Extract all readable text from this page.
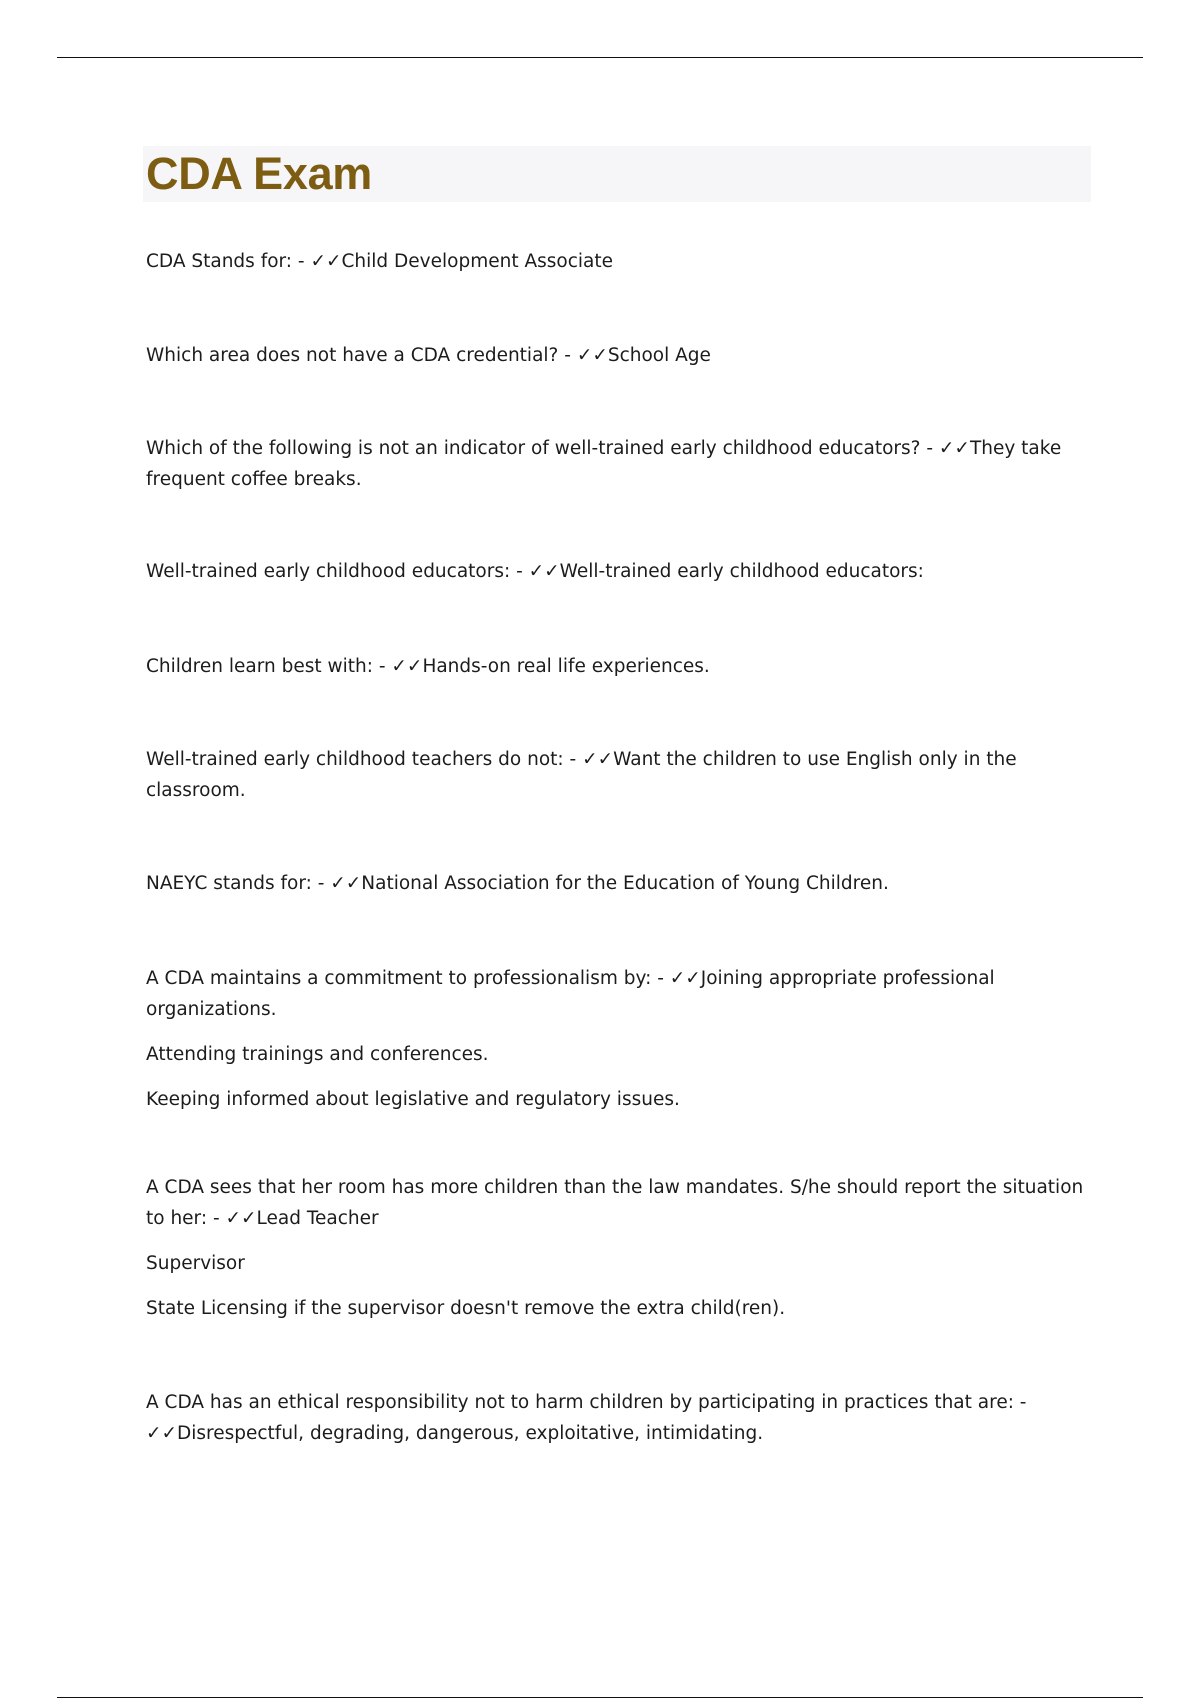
CDA Exam

CDA Stands for: - ✓✓Child Development Associate

Which area does not have a CDA credential? - ✓✓School Age

Which of the following is not an indicator of well-trained early childhood educators? - ✓✓They take frequent coffee breaks.

Well-trained early childhood educators: - ✓✓Well-trained early childhood educators:

Children learn best with: - ✓✓Hands-on real life experiences.

Well-trained early childhood teachers do not: - ✓✓Want the children to use English only in the classroom.

NAEYC stands for: - ✓✓National Association for the Education of Young Children.

A CDA maintains a commitment to professionalism by: - ✓✓Joining appropriate professional organizations.

Attending trainings and conferences.

Keeping informed about legislative and regulatory issues.

A CDA sees that her room has more children than the law mandates. S/he should report the situation to her: - ✓✓Lead Teacher

Supervisor

State Licensing if the supervisor doesn't remove the extra child(ren).

A CDA has an ethical responsibility not to harm children by participating in practices that are: - ✓✓Disrespectful, degrading, dangerous, exploitative, intimidating.
